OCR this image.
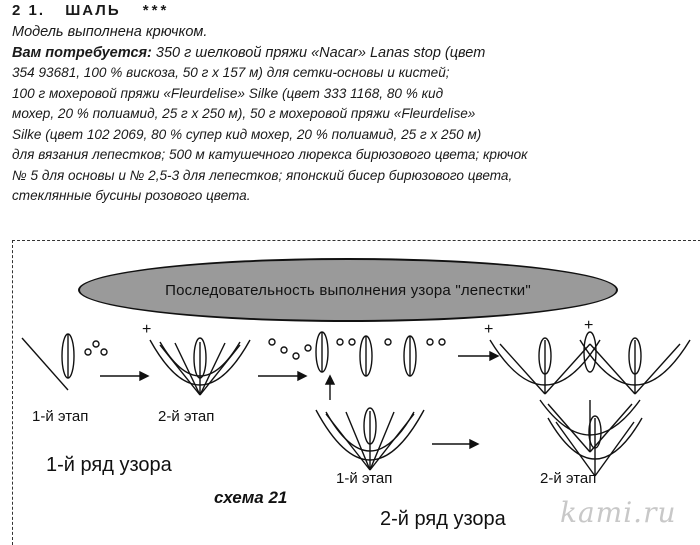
2 1. ШАЛЬ ***
Модель выполнена крючком.
Вам потребуется: 350 г шелковой пряжи «Nacar» Lanas stop (цвет
354 93681, 100 % вискоза, 50 г х 157 м) для сетки-основы и кистей;
100 г мохеровой пряжи «Fleurdelise» Silke (цвет 333 1168, 80 % кид
мохер, 20 % полиамид, 25 г х 250 м), 50 г мохеровой пряжи «Fleurdelise»
Silke (цвет 102 2069, 80 % супер кид мохер, 20 % полиамид, 25 г х 250 м)
для вязания лепестков; 500 м катушечного люрекса бирюзового цвета; крючок
№ 5 для основы и № 2,5-3 для лепестков; японский бисер бирюзового цвета,
стеклянные бусины розового цвета.
Последовательность выполнения узора "лепестки"
+	+	+
1-й этап	2-й этап
1-й ряд узора
1-й этап	2-й этап
схема 21
2-й ряд узора kami.ru
